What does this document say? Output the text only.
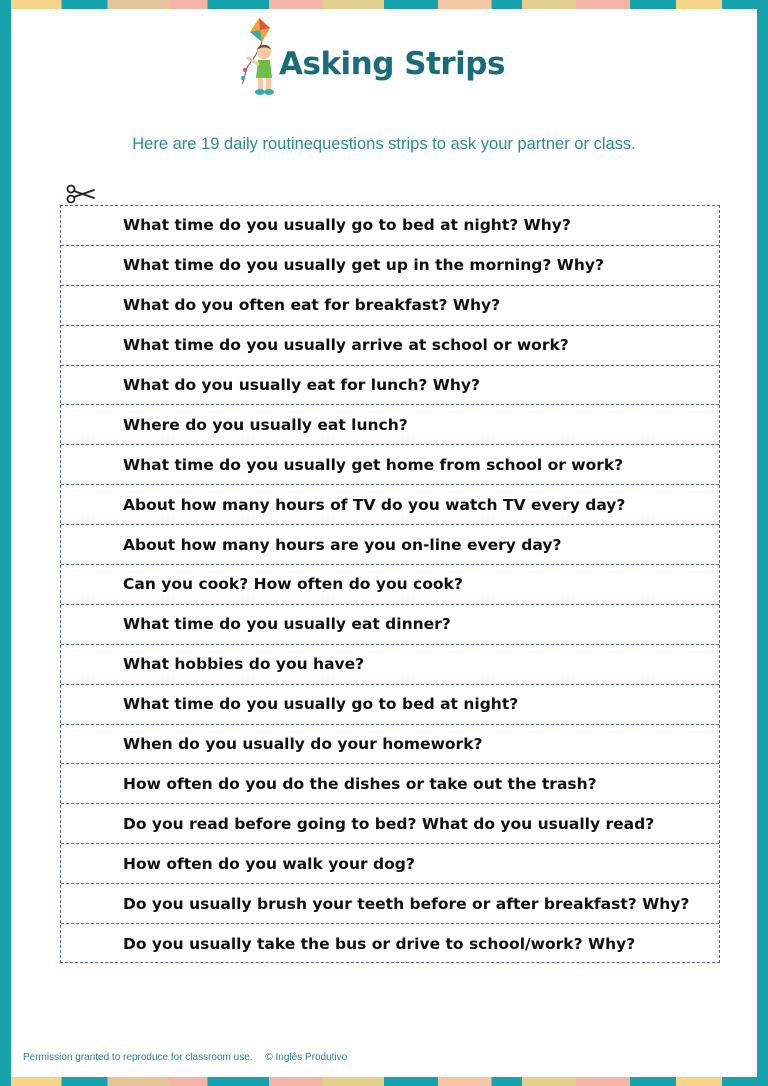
Asking Strips
Here are 19 daily routinequestions strips to ask your partner or class.
What time do you usually go to bed at night? Why?
What time do you usually get up in the morning? Why?
What do you often eat for breakfast? Why?
What time do you usually arrive at school or work?
What do you usually eat for lunch? Why?
Where do you usually eat lunch?
What time do you usually get home from school or work?
About how many hours of TV do you watch TV every day?
About how many hours are you on-line every day?
Can you cook? How often do you cook?
What time do you usually eat dinner?
What hobbies do you have?
What time do you usually go to bed at night?
When do you usually do your homework?
How often do you do the dishes or take out the trash?
Do you read before going to bed? What do you usually read?
How often do you walk your dog?
Do you usually brush your teeth before or after breakfast? Why?
Do you usually take the bus or drive to school/work? Why?
Permission granted to reproduce for classroom use. © Inglês Produtivo
